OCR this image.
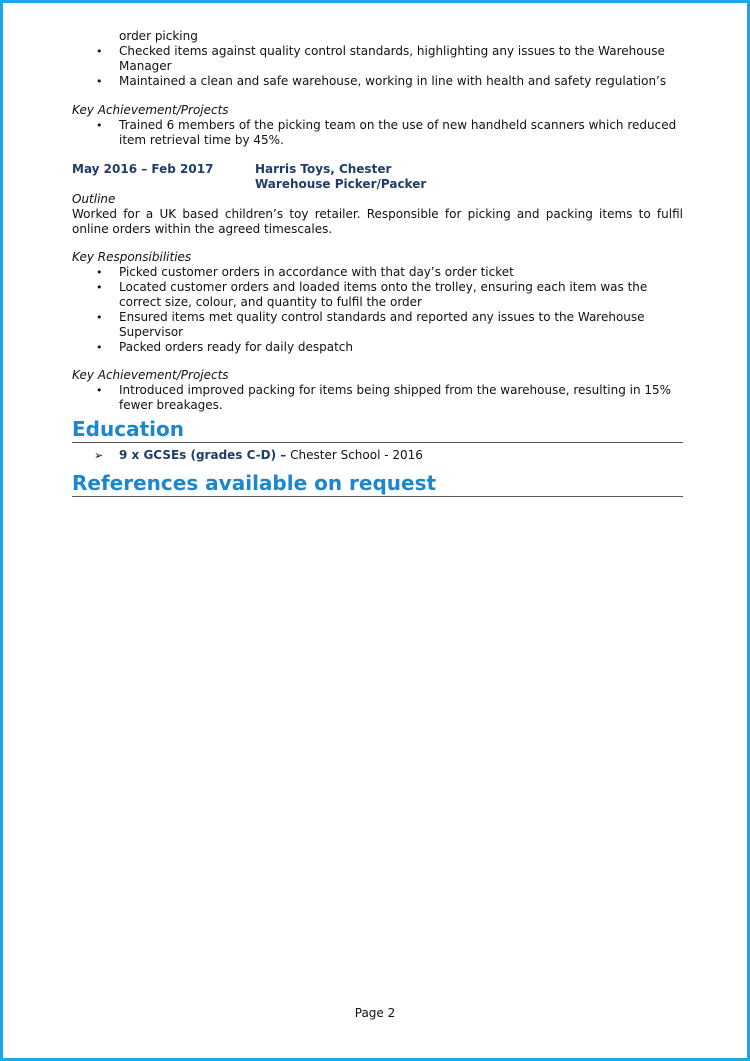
order picking
• Checked items against quality control standards, highlighting any issues to the Warehouse Manager
• Maintained a clean and safe warehouse, working in line with health and safety regulation’s
Key Achievement/Projects
• Trained 6 members of the picking team on the use of new handheld scanners which reduced item retrieval time by 45%.
May 2016 – Feb 2017	Harris Toys, Chester
Warehouse Picker/Packer
Outline
Worked for a UK based children’s toy retailer. Responsible for picking and packing items to fulfil online orders within the agreed timescales.
Key Responsibilities
• Picked customer orders in accordance with that day’s order ticket
• Located customer orders and loaded items onto the trolley, ensuring each item was the correct size, colour, and quantity to fulfil the order
• Ensured items met quality control standards and reported any issues to the Warehouse Supervisor
• Packed orders ready for daily despatch
Key Achievement/Projects
• Introduced improved packing for items being shipped from the warehouse, resulting in 15% fewer breakages.
Education
➢ 9 x GCSEs (grades C-D) – Chester School - 2016
References available on request
Page 2
